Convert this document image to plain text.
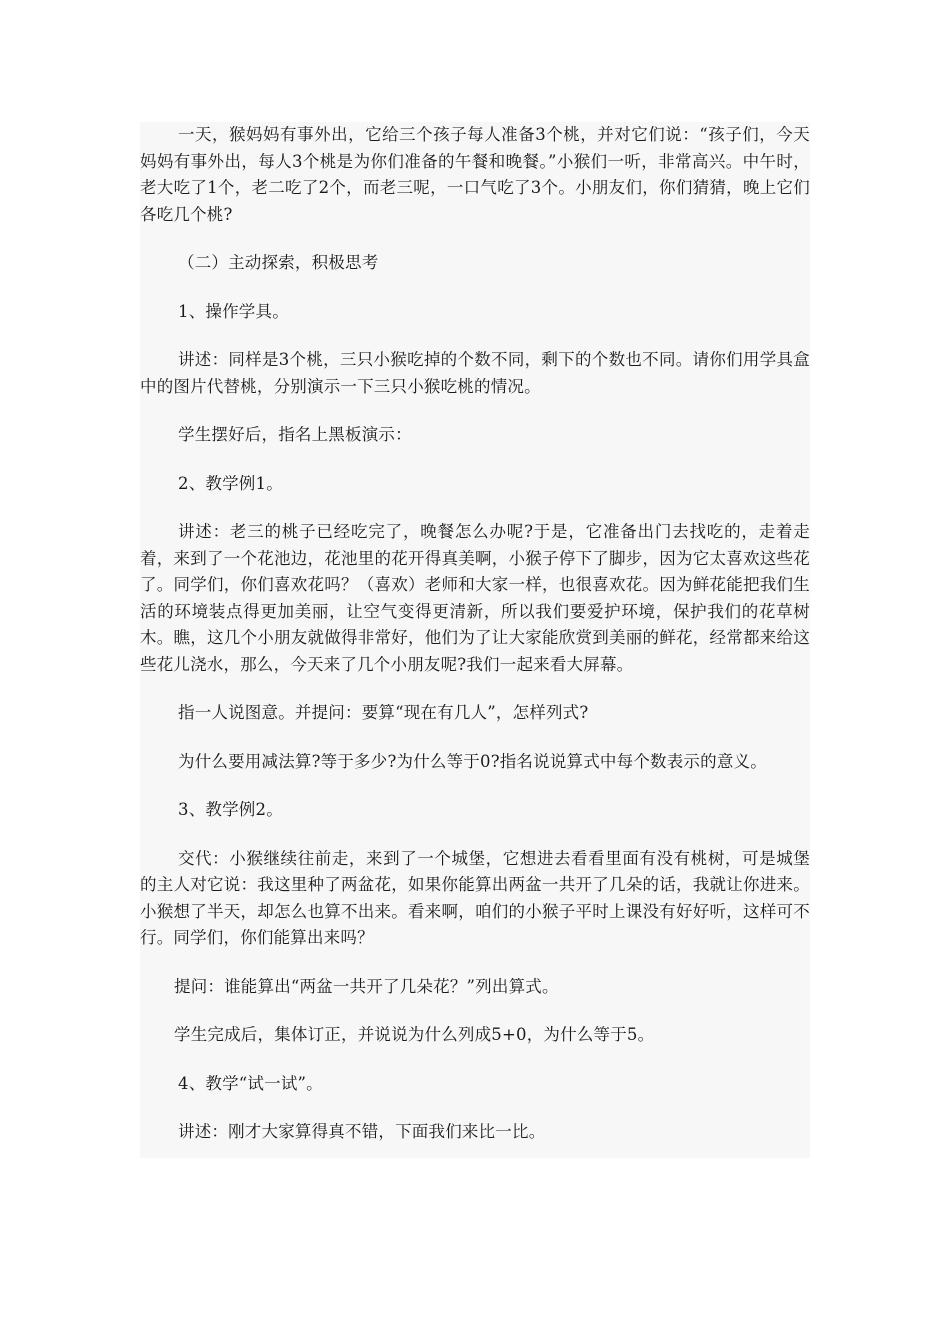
一天，猴妈妈有事外出，它给三个孩子每人准备3个桃，并对它们说：“孩子们，今天妈妈有事外出，每人3个桃是为你们准备的午餐和晚餐。”小猴们一听，非常高兴。中午时，老大吃了1个，老二吃了2个，而老三呢，一口气吃了3个。小朋友们，你们猜猜，晚上它们各吃几个桃?

（二）主动探索，积极思考

1、操作学具。

讲述：同样是3个桃，三只小猴吃掉的个数不同，剩下的个数也不同。请你们用学具盒中的图片代替桃，分别演示一下三只小猴吃桃的情况。

学生摆好后，指名上黑板演示：

2、教学例1。

讲述：老三的桃子已经吃完了，晚餐怎么办呢?于是，它准备出门去找吃的，走着走着，来到了一个花池边，花池里的花开得真美啊，小猴子停下了脚步，因为它太喜欢这些花了。同学们，你们喜欢花吗？（喜欢）老师和大家一样，也很喜欢花。因为鲜花能把我们生活的环境装点得更加美丽，让空气变得更清新，所以我们要爱护环境，保护我们的花草树木。瞧，这几个小朋友就做得非常好，他们为了让大家能欣赏到美丽的鲜花，经常都来给这些花儿浇水，那么，今天来了几个小朋友呢?我们一起来看大屏幕。

指一人说图意。并提问：要算“现在有几人”，怎样列式?

为什么要用减法算?等于多少?为什么等于0?指名说说算式中每个数表示的意义。

3、教学例2。

交代：小猴继续往前走，来到了一个城堡，它想进去看看里面有没有桃树，可是城堡的主人对它说：我这里种了两盆花，如果你能算出两盆一共开了几朵的话，我就让你进来。小猴想了半天，却怎么也算不出来。看来啊，咱们的小猴子平时上课没有好好听，这样可不行。同学们，你们能算出来吗？

提问：谁能算出“两盆一共开了几朵花？”列出算式。

学生完成后，集体订正，并说说为什么列成5+0，为什么等于5。

4、教学“试一试”。

讲述：刚才大家算得真不错，下面我们来比一比。
